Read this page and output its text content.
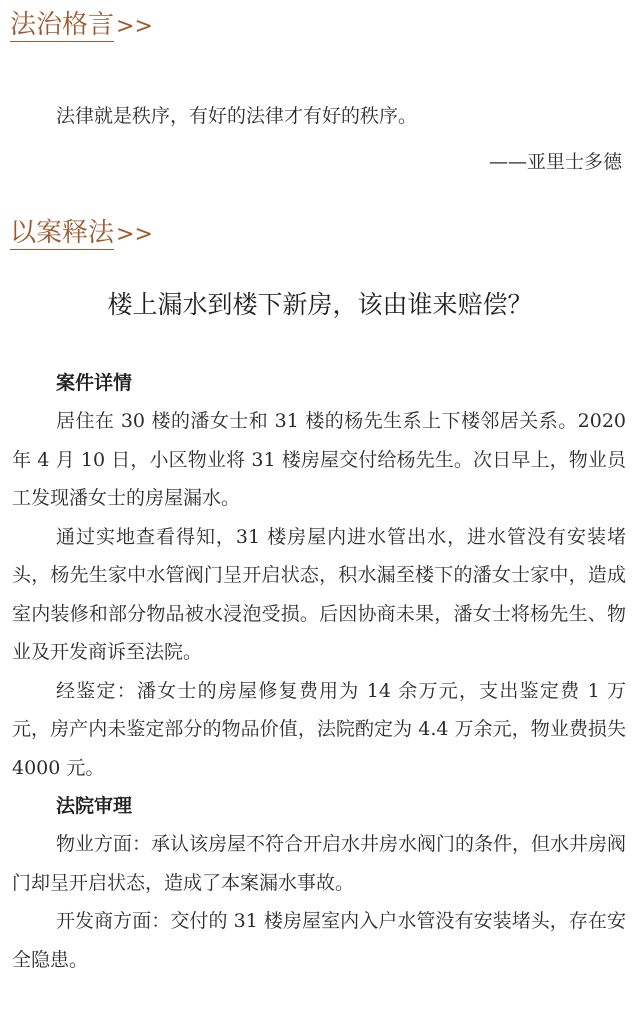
法治格言>>
法律就是秩序，有好的法律才有好的秩序。
——亚里士多德
以案释法>>
楼上漏水到楼下新房，该由谁来赔偿？
案件详情

居住在 30 楼的潘女士和 31 楼的杨先生系上下楼邻居关系。2020 年 4 月 10 日，小区物业将 31 楼房屋交付给杨先生。次日早上，物业员工发现潘女士的房屋漏水。

通过实地查看得知，31 楼房屋内进水管出水，进水管没有安装堵头，杨先生家中水管阀门呈开启状态，积水漏至楼下的潘女士家中，造成室内装修和部分物品被水浸泡受损。后因协商未果，潘女士将杨先生、物业及开发商诉至法院。

经鉴定：潘女士的房屋修复费用为 14 余万元，支出鉴定费 1 万元，房产内未鉴定部分的物品价值，法院酌定为 4.4 万余元，物业费损失 4000 元。

法院审理

物业方面：承认该房屋不符合开启水井房水阀门的条件，但水井房阀门却呈开启状态，造成了本案漏水事故。

开发商方面：交付的 31 楼房屋室内入户水管没有安装堵头，存在安全隐患。
